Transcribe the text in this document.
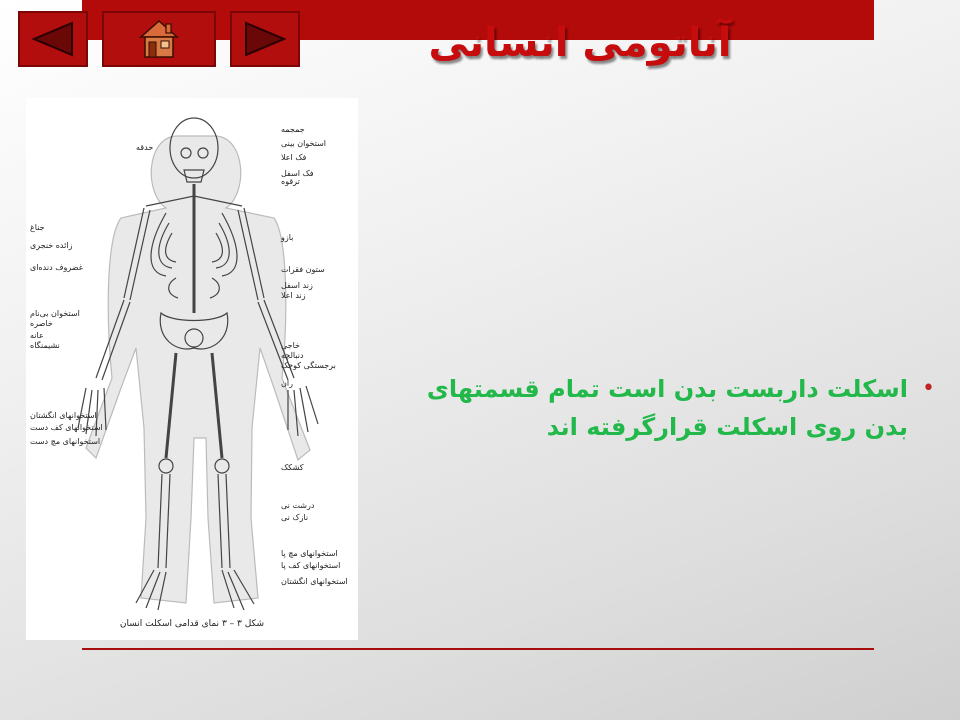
آناتومی انسانی
جمجمه
استخوان بینی
حدقه
فک اعلا
فک اسفل
ترقوه
بازو
ستون فقرات
زند اسفل
زند اعلا
خاجی
دنبالچه
برجستگی کوچک
ران
کشکک
درشت نی
نازک نی
استخوانهای مچ پا
استخوانهای کف پا
استخوانهای انگشتان
جناغ
زائده خنجری
غضروف دنده‌ای
استخوان بی‌نام
خاصره
عانه
نشیمنگاه
استخوانهای انگشتان
استخوانهای کف دست
استخوانهای مچ دست
شکل ۳ – ۳ نمای قدامی اسکلت انسان
•

اسکلت داربست بدن است تمام قسمتهای بدن روی اسکلت قرارگرفته اند
